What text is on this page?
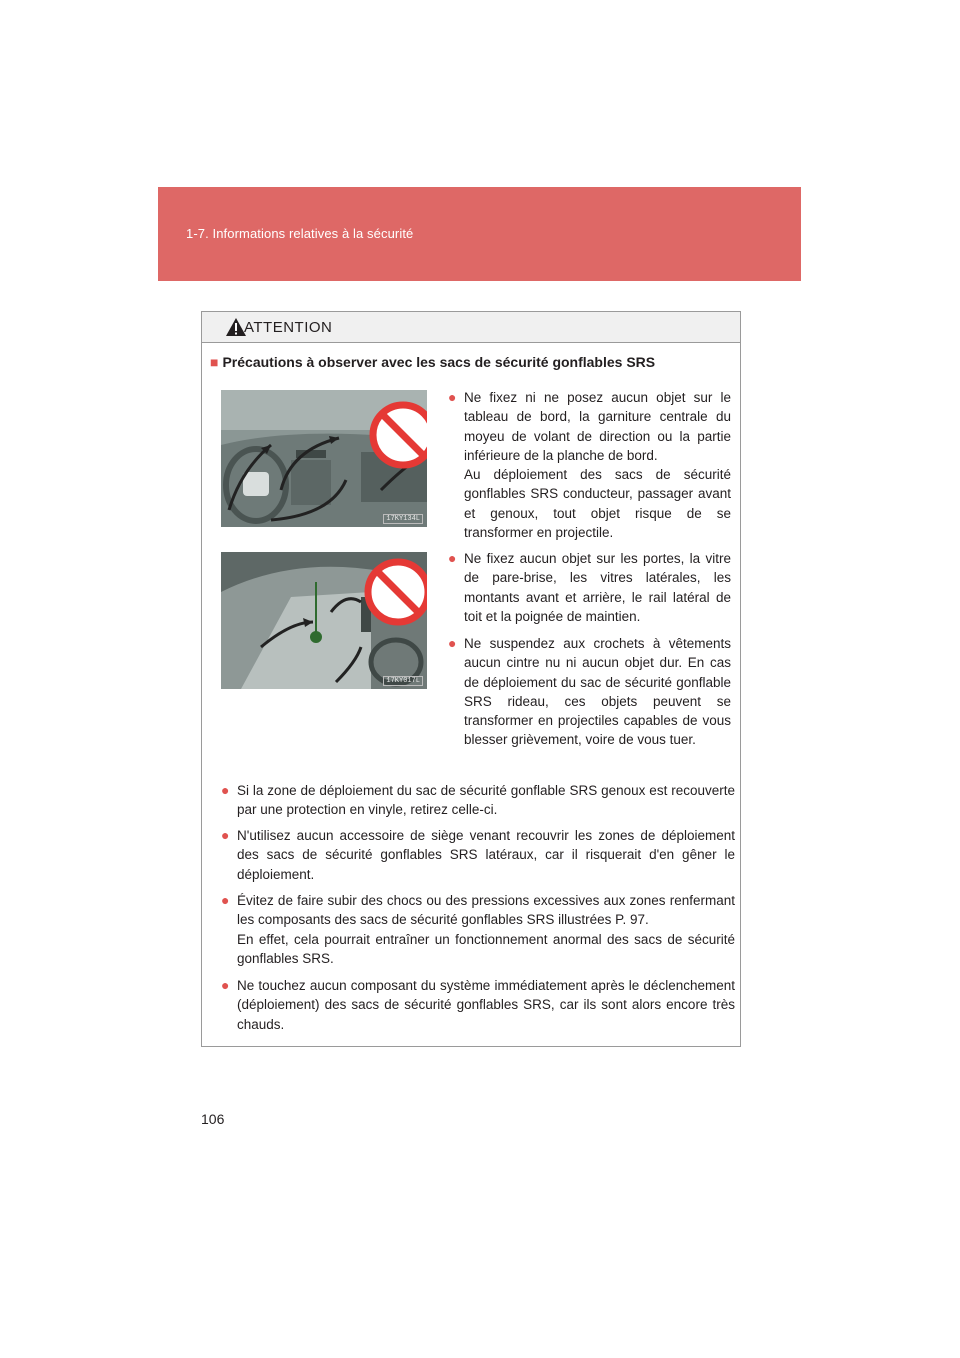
1-7. Informations relatives à la sécurité
ATTENTION
■ Précautions à observer avec les sacs de sécurité gonflables SRS
17KY134L
17KY017L
● Ne fixez ni ne posez aucun objet sur le tableau de bord, la garniture centrale du moyeu de volant de direction ou la partie inférieure de la planche de bord.
Au déploiement des sacs de sécurité gonflables SRS conducteur, passager avant et genoux, tout objet risque de se transformer en projectile.
● Ne fixez aucun objet sur les portes, la vitre de pare-brise, les vitres latérales, les montants avant et arrière, le rail latéral de toit et la poignée de maintien.
● Ne suspendez aux crochets à vêtements aucun cintre nu ni aucun objet dur. En cas de déploiement du sac de sécurité gonflable SRS rideau, ces objets peuvent se transformer en projectiles capables de vous blesser grièvement, voire de vous tuer.
● Si la zone de déploiement du sac de sécurité gonflable SRS genoux est recouverte par une protection en vinyle, retirez celle-ci.
● N'utilisez aucun accessoire de siège venant recouvrir les zones de déploiement des sacs de sécurité gonflables SRS latéraux, car il risquerait d'en gêner le déploiement.
● Évitez de faire subir des chocs ou des pressions excessives aux zones renfermant les composants des sacs de sécurité gonflables SRS illustrées P. 97.
En effet, cela pourrait entraîner un fonctionnement anormal des sacs de sécurité gonflables SRS.
● Ne touchez aucun composant du système immédiatement après le déclenchement (déploiement) des sacs de sécurité gonflables SRS, car ils sont alors encore très chauds.
106
